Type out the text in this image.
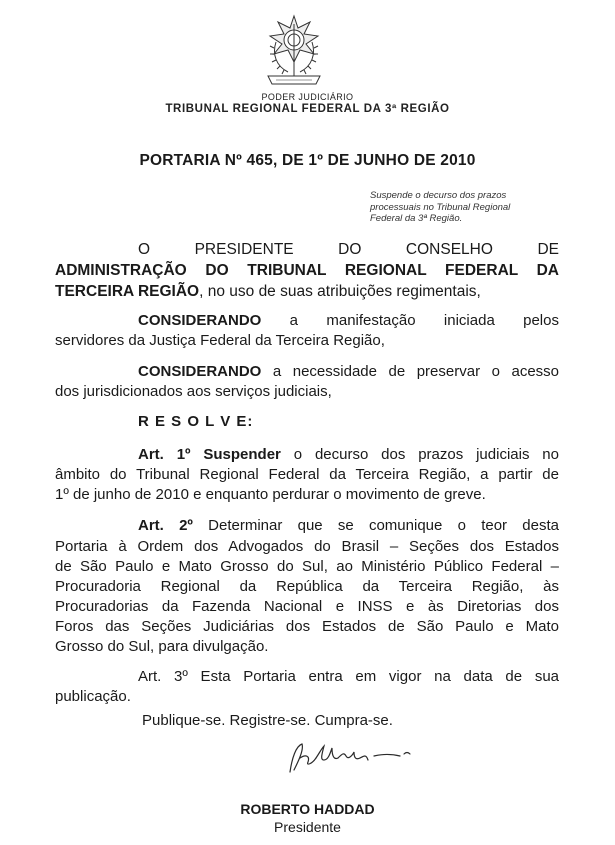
PODER JUDICIÁRIO
TRIBUNAL REGIONAL FEDERAL DA 3ª REGIÃO
PORTARIA Nº 465, DE 1º DE JUNHO DE 2010
Suspende o decurso dos prazos
processuais no Tribunal Regional
Federal da 3ª Região.
O	PRESIDENTE	DO	CONSELHO	DE
ADMINISTRAÇÃO DO TRIBUNAL REGIONAL FEDERAL DA
TERCEIRA REGIÃO, no uso de suas atribuições regimentais,
CONSIDERANDO a manifestação iniciada pelos
servidores da Justiça Federal da Terceira Região,
CONSIDERANDO a necessidade de preservar o acesso
dos jurisdicionados aos serviços judiciais,
R E S O L V E:
Art. 1º Suspender o decurso dos prazos judiciais no
âmbito do Tribunal Regional Federal da Terceira Região, a partir de
1º de junho de 2010 e enquanto perdurar o movimento de greve.
Art. 2º Determinar que se comunique o teor desta
Portaria à Ordem dos Advogados do Brasil – Seções dos Estados
de São Paulo e Mato Grosso do Sul, ao Ministério Público Federal –
Procuradoria Regional da República da Terceira Região, às
Procuradorias da Fazenda Nacional e INSS e às Diretorias dos
Foros das Seções Judiciárias dos Estados de São Paulo e Mato
Grosso do Sul, para divulgação.
Art. 3º Esta Portaria entra em vigor na data de sua
publicação.
Publique-se. Registre-se. Cumpra-se.
ROBERTO HADDAD
Presidente
